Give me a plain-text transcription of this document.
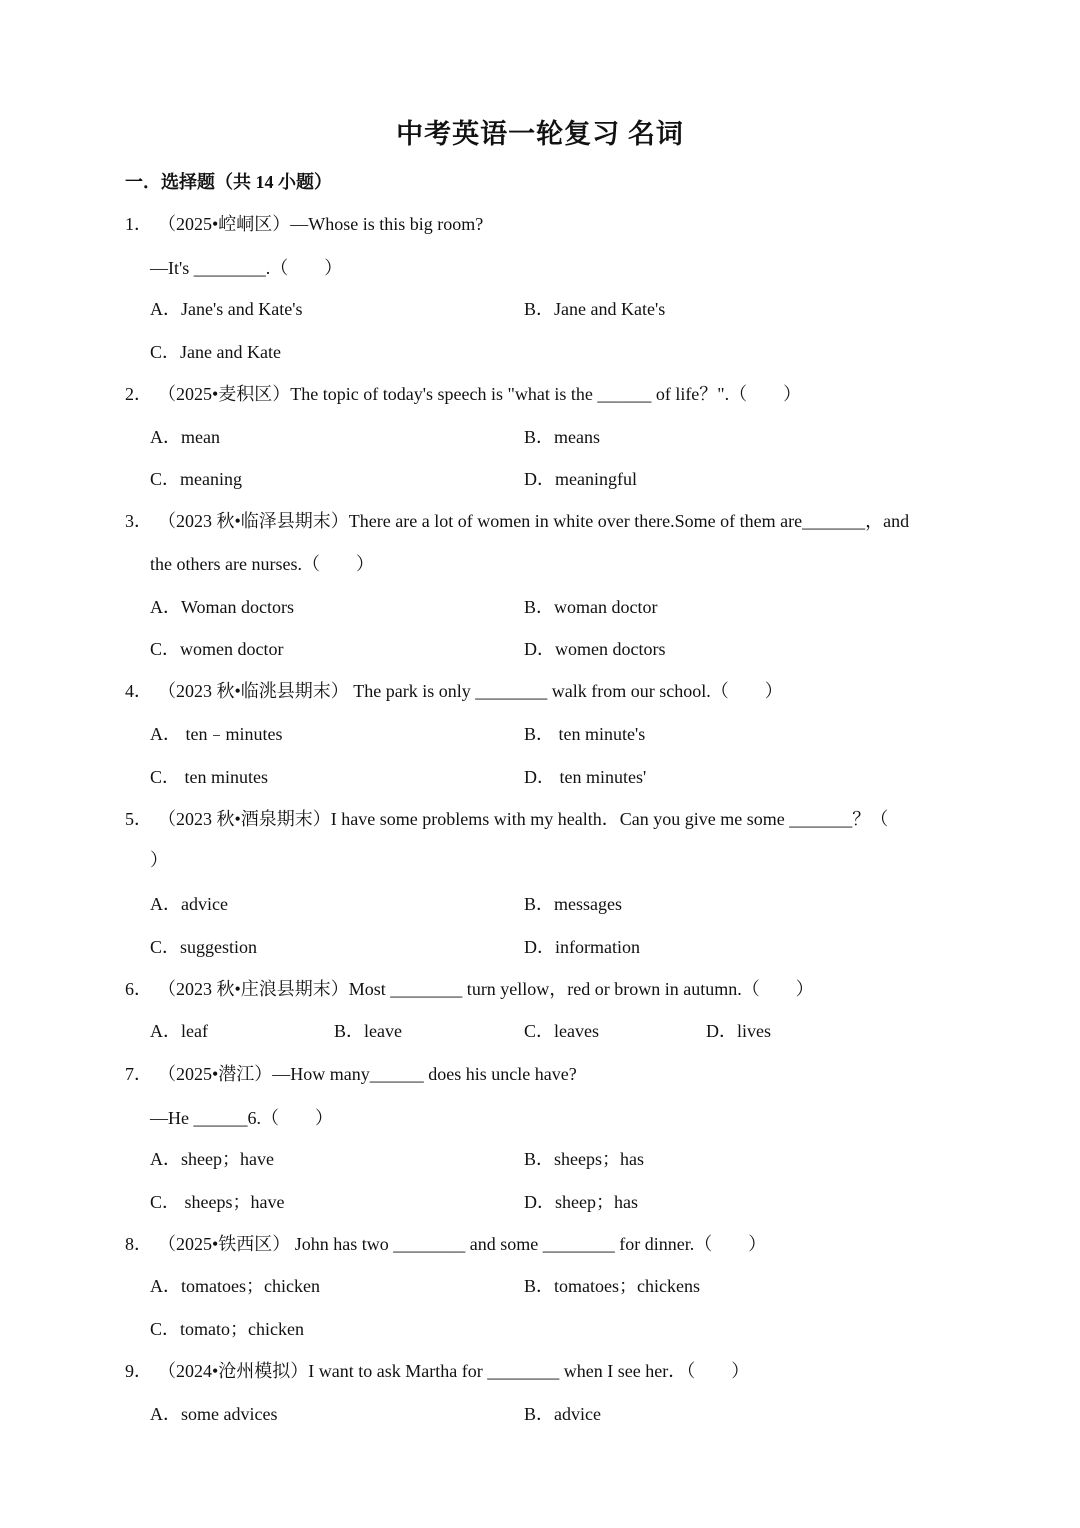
中考英语一轮复习 名词
一．选择题（共 14 小题）
1． （2025•崆峒区）—Whose is this big room?
—It's ________.（　　）
A．Jane's and Kate's	B．Jane and Kate's
C．Jane and Kate
2． （2025•麦积区）The topic of today's speech is "what is the ______ of life？".（　　）
A．mean	B．means
C．meaning	D．meaningful
3． （2023 秋•临泽县期末）There are a lot of women in white over there.Some of them are_______，and
the others are nurses.（　　）
A．Woman doctors	B．woman doctor
C．women doctor	D．women doctors
4． （2023 秋•临洮县期末） The park is only ________ walk from our school.（　　）
A． ten﹣minutes	B． ten minute's
C． ten minutes	D． ten minutes'
5． （2023 秋•酒泉期末）I have some problems with my health．Can you give me some _______？（
）
A．advice	B．messages
C．suggestion	D．information
6． （2023 秋•庄浪县期末）Most ________ turn yellow，red or brown in autumn.（　　）
A．leaf	B．leave	C．leaves	D．lives
7． （2025•潜江）—How many______ does his uncle have?
—He ______6.（　　）
A．sheep；have	B．sheeps；has
C． sheeps；have	D．sheep；has
8． （2025•铁西区） John has two ________ and some ________ for dinner.（　　）
A．tomatoes；chicken	B．tomatoes；chickens
C．tomato；chicken
9． （2024•沧州模拟）I want to ask Martha for ________ when I see her．（　　）
A．some advices	B．advice
